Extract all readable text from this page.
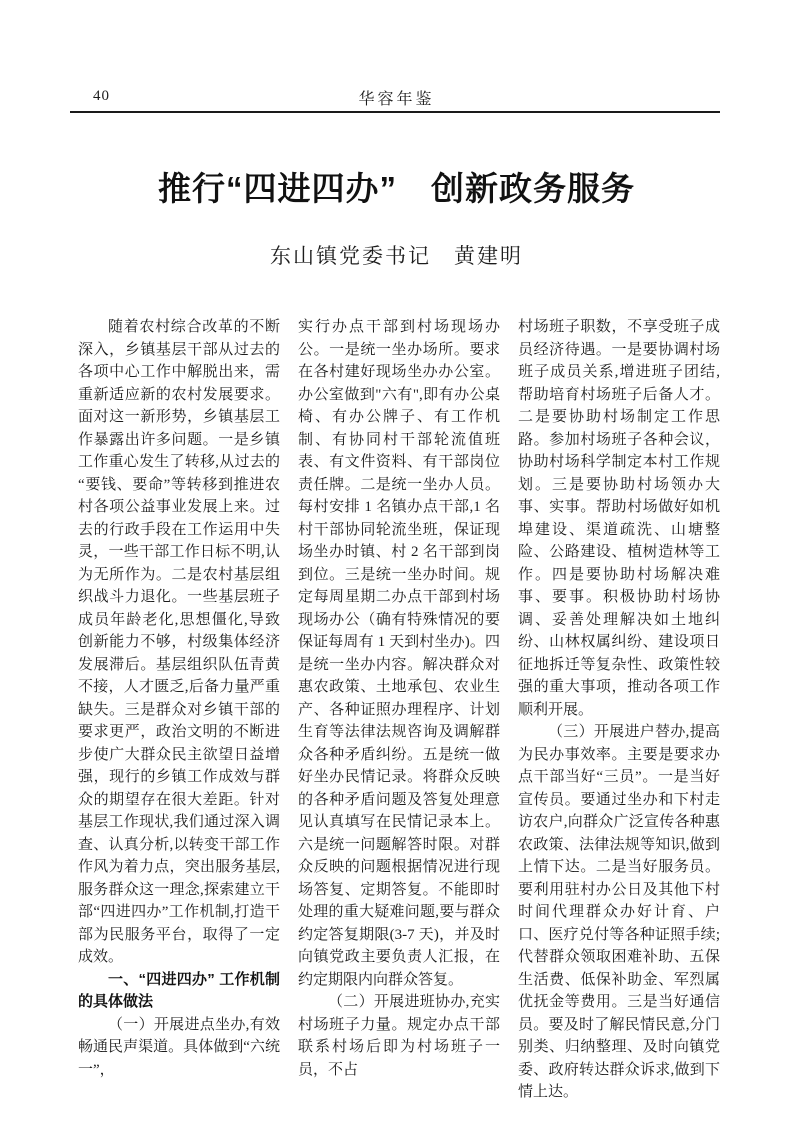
40	华容年鉴
推行“四进四办”　创新政务服务
东山镇党委书记　黄建明

随着农村综合改革的不断深入，乡镇基层干部从过去的各项中心工作中解脱出来，需重新适应新的农村发展要求。面对这一新形势，乡镇基层工作暴露出许多问题。一是乡镇工作重心发生了转移,从过去的“要钱、要命”等转移到推进农村各项公益事业发展上来。过去的行政手段在工作运用中失灵，一些干部工作日标不明,认为无所作为。二是农村基层组织战斗力退化。一些基层班子成员年龄老化,思想僵化,导致创新能力不够，村级集体经济发展滞后。基层组织队伍青黄不接，人才匮乏,后备力量严重缺失。三是群众对乡镇干部的要求更严，政治文明的不断进步使广大群众民主欲望日益增强，现行的乡镇工作成效与群众的期望存在很大差距。针对基层工作现状,我们通过深入调查、认真分析,以转变干部工作作风为着力点，突出服务基层,服务群众这一理念,探索建立干部“四进四办”工作机制,打造干部为民服务平台，取得了一定成效。

一、“四进四办” 工作机制的具体做法

（一）开展进点坐办,有效畅通民声渠道。具体做到“六统一”，

实行办点干部到村场现场办公。一是统一坐办场所。要求在各村建好现场坐办办公室。办公室做到"六有",即有办公桌椅、有办公牌子、有工作机制、有协同村干部轮流值班表、有文件资料、有干部岗位责任牌。二是统一坐办人员。每村安排 1 名镇办点干部,1 名村干部协同轮流坐班，保证现场坐办时镇、村 2 名干部到岗到位。三是统一坐办时间。规定每周星期二办点干部到村场现场办公（确有特殊情况的要保证每周有 1 天到村坐办)。四是统一坐办内容。解决群众对惠农政策、土地承包、农业生产、各种证照办理程序、计划生育等法律法规咨询及调解群众各种矛盾纠纷。五是统一做好坐办民情记录。将群众反映的各种矛盾问题及答复处理意见认真填写在民情记录本上。六是统一问题解答时限。对群众反映的问题根据情况进行现场答复、定期答复。不能即时处理的重大疑难问题,要与群众约定答复期限(3-7 天)，并及时向镇党政主要负责人汇报，在约定期限内向群众答复。

（二）开展进班协办,充实村场班子力量。规定办点干部联系村场后即为村场班子一员，不占

村场班子职数，不享受班子成员经济待遇。一是要协调村场班子成员关系,增进班子团结,帮助培育村场班子后备人才。二是要协助村场制定工作思路。参加村场班子各种会议，协助村场科学制定本村工作规划。三是要协助村场领办大事、实事。帮助村场做好如机埠建设、渠道疏洗、山塘整险、公路建设、植树造林等工作。四是要协助村场解决难事、要事。积极协助村场协调、妥善处理解决如土地纠纷、山林权属纠纷、建设项日征地拆迁等复杂性、政策性较强的重大事项，推动各项工作顺利开展。

（三）开展进户替办,提高为民办事效率。主要是要求办点干部当好“三员”。一是当好宣传员。要通过坐办和下村走访农户,向群众广泛宣传各种惠农政策、法律法规等知识,做到上情下达。二是当好服务员。要利用驻村办公日及其他下村时间代理群众办好计育、户口、医疗兑付等各种证照手续;代替群众领取困难补助、五保生活费、低保补助金、军烈属优抚金等费用。三是当好通信员。要及时了解民情民意,分门别类、归纳整理、及时向镇党委、政府转达群众诉求,做到下情上达。
